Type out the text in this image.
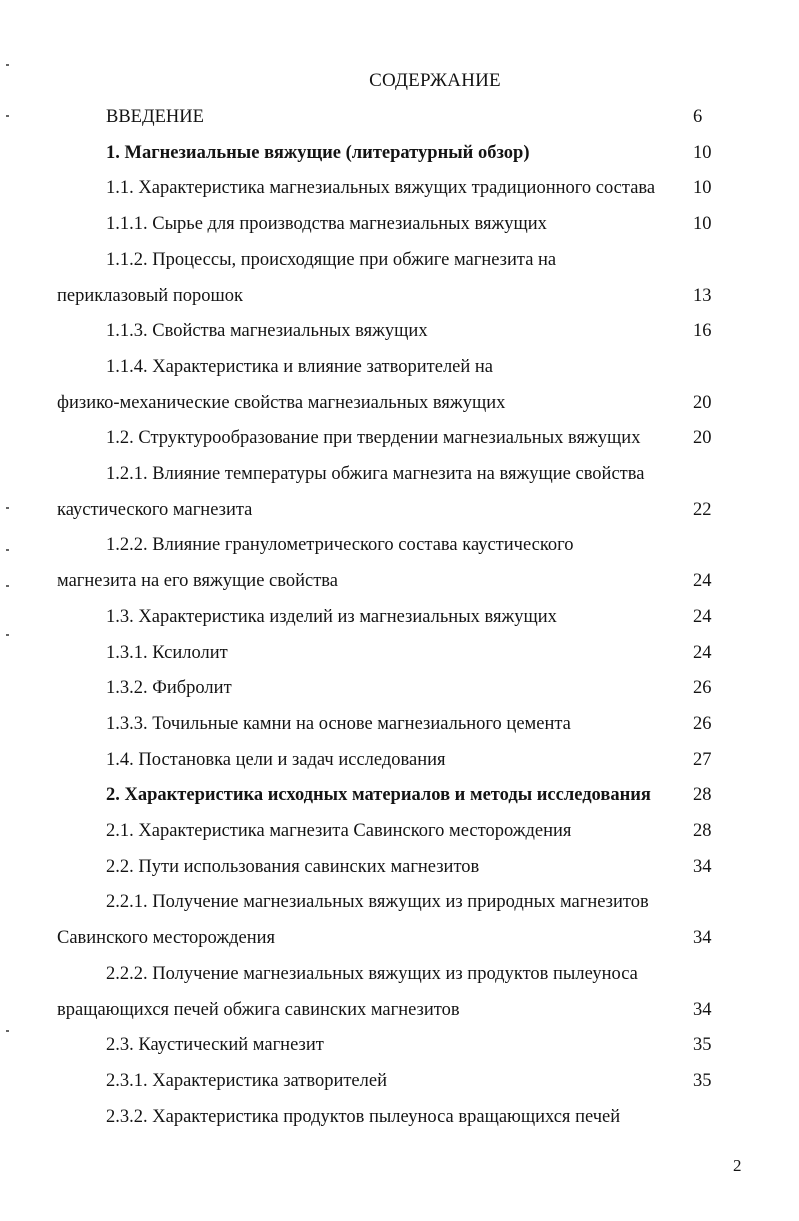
СОДЕРЖАНИЕ
ВВЕДЕНИЕ	6
1. Магнезиальные вяжущие (литературный обзор)	10
1.1. Характеристика магнезиальных вяжущих традиционного состава 10
1.1.1. Сырье для производства магнезиальных вяжущих	10
1.1.2. Процессы, происходящие при обжиге магнезита на
периклазовый порошок	13
1.1.3. Свойства магнезиальных вяжущих	16
1.1.4. Характеристика и влияние затворителей на
физико-механические свойства магнезиальных вяжущих	20
1.2. Структурообразование при твердении магнезиальных вяжущих	20
1.2.1. Влияние температуры обжига магнезита на вяжущие свойства
каустического магнезита	22
1.2.2. Влияние гранулометрического состава каустического
магнезита на его вяжущие свойства	24
1.3. Характеристика изделий из магнезиальных вяжущих	24
1.3.1. Ксилолит	24
1.3.2. Фибролит	26
1.3.3. Точильные камни на основе магнезиального цемента	26
1.4. Постановка цели и задач исследования	27
2. Характеристика исходных материалов и методы исследования 28
2.1. Характеристика магнезита Савинского месторождения	28
2.2. Пути использования савинских магнезитов	34
2.2.1. Получение магнезиальных вяжущих из природных магнезитов
Савинского месторождения	34
2.2.2. Получение магнезиальных вяжущих из продуктов пылеуноса
вращающихся печей обжига савинских магнезитов	34
2.3. Каустический магнезит	35
2.3.1. Характеристика затворителей	35
2.3.2. Характеристика продуктов пылеуноса вращающихся печей
2
